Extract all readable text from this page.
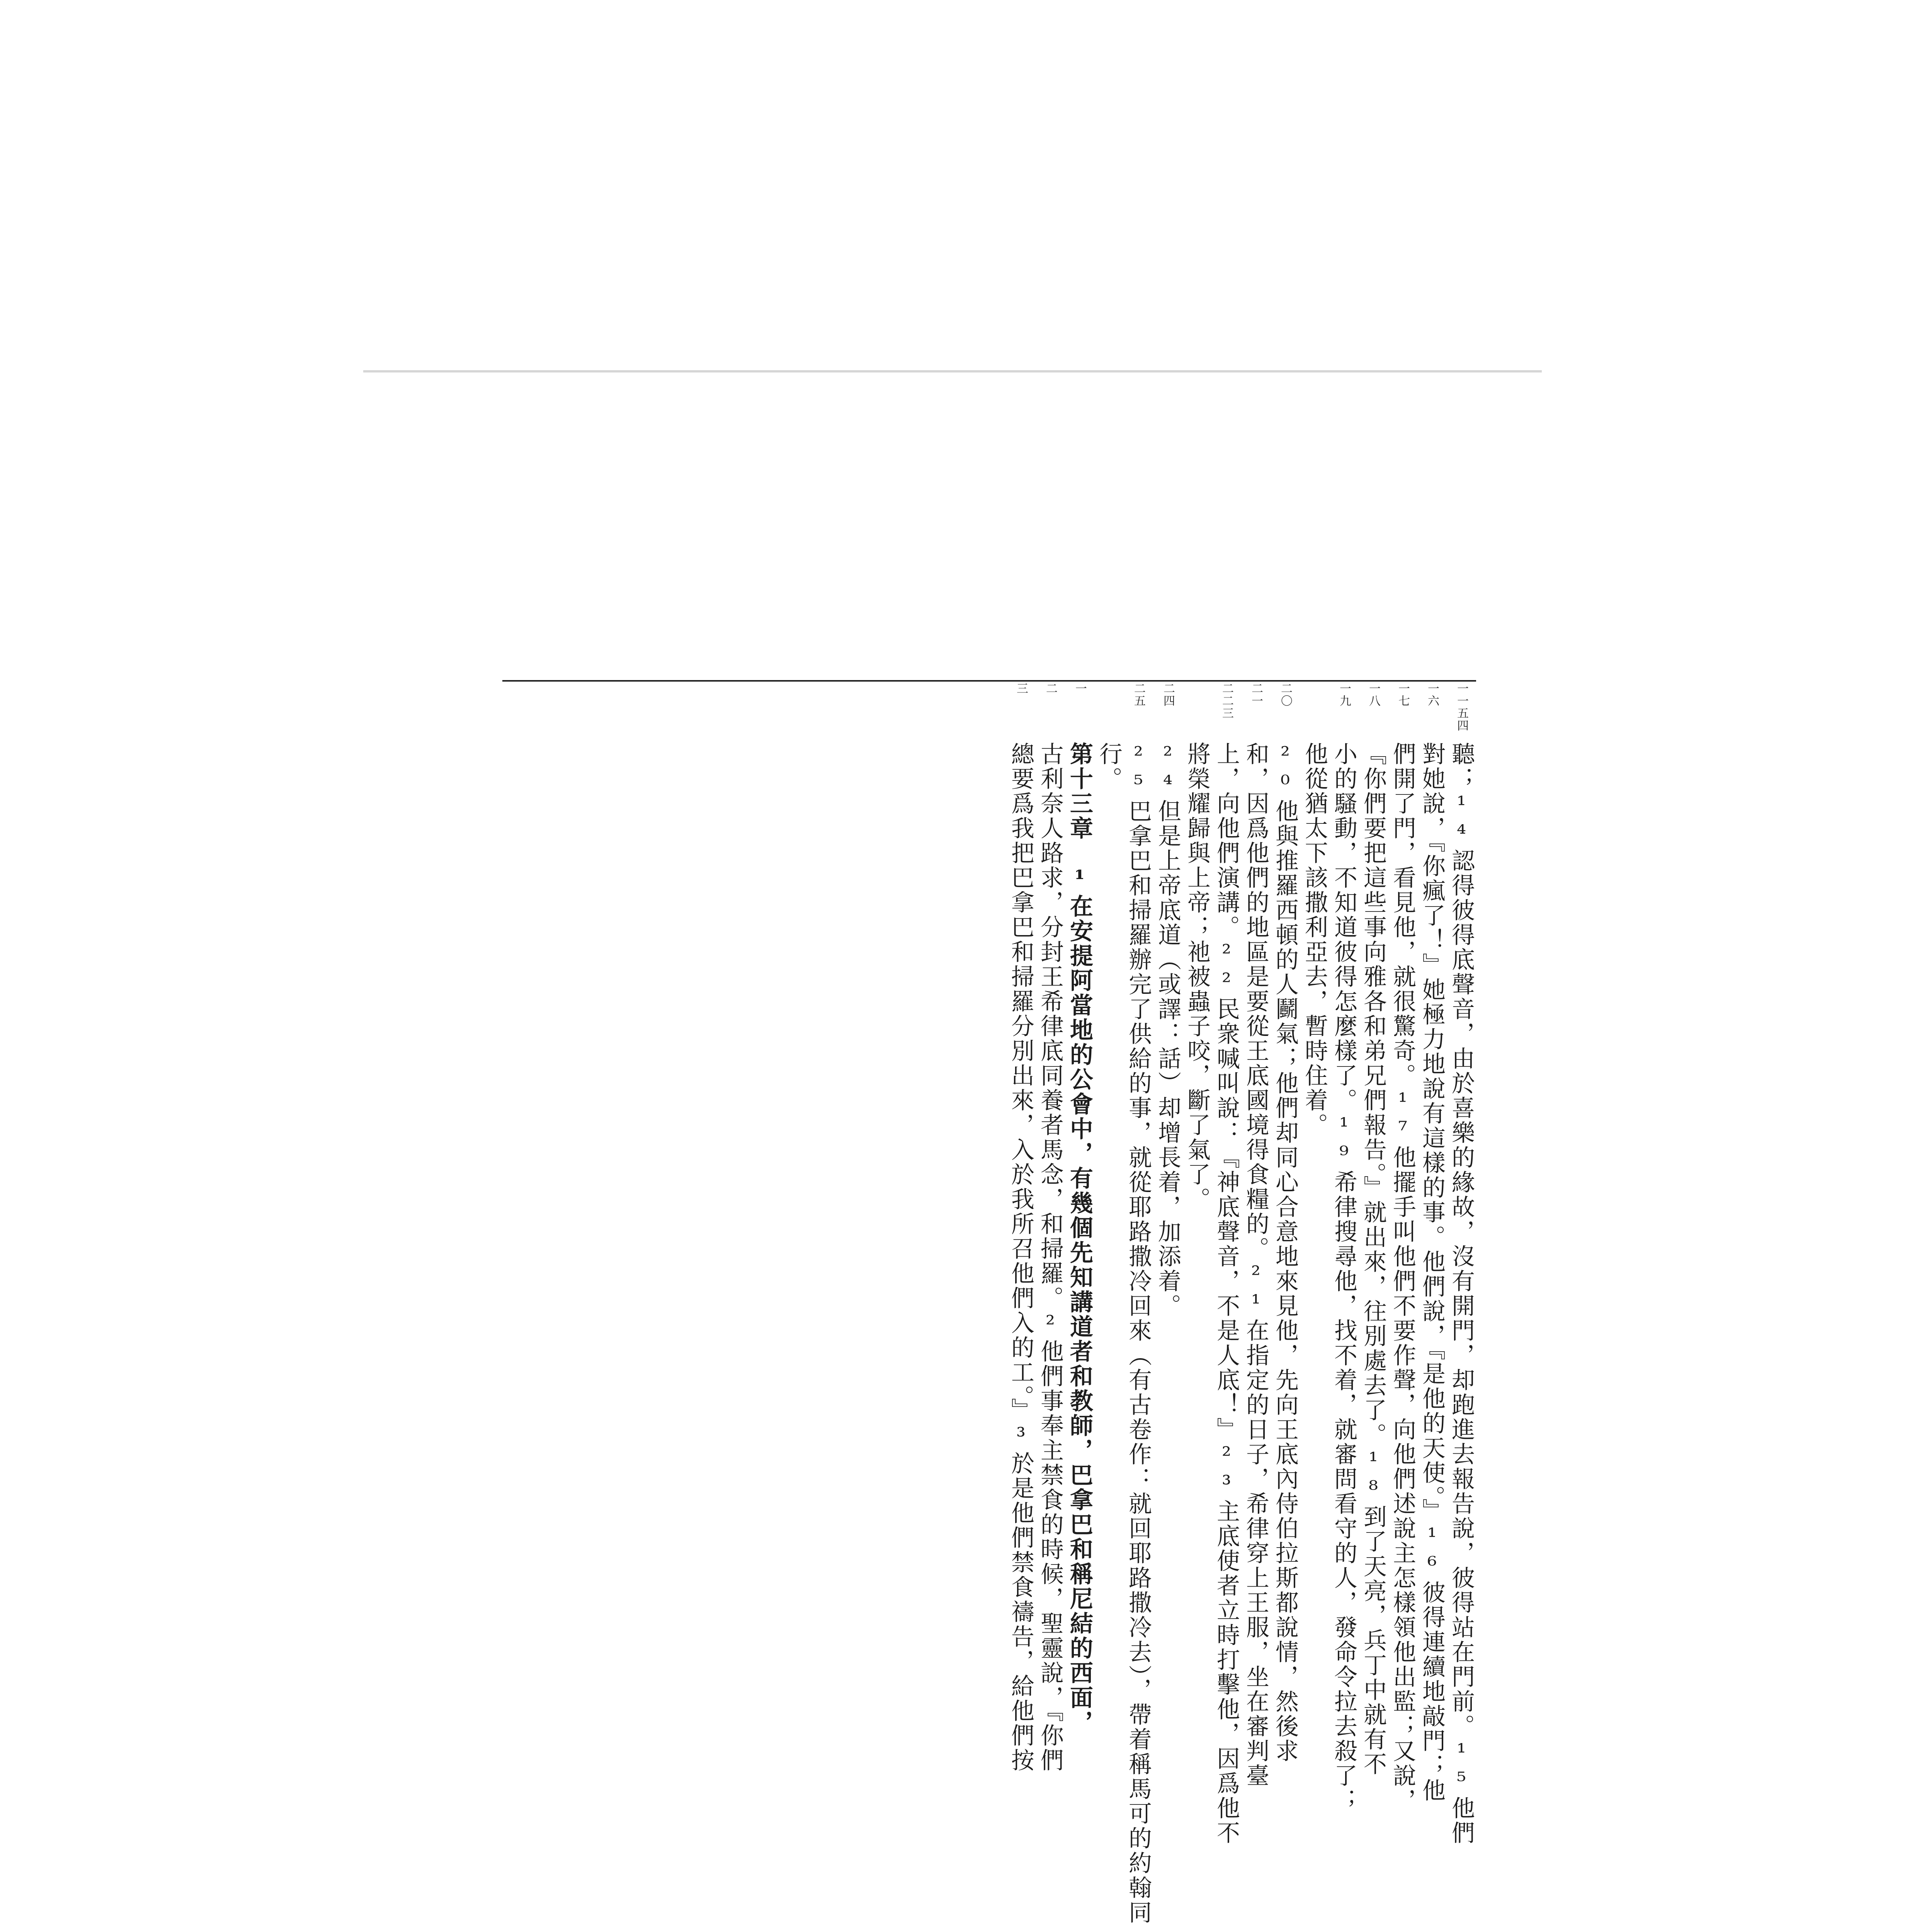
一一五四
一六
一七
一八
一九
二〇
二一
二二三
二四
二五
一
二
三
聽；¹⁴認得彼得底聲音，由於喜樂的緣故，沒有開門，却跑進去報告說，彼得站在門前。¹⁵他們
對她說，『你瘋了！』她極力地說有這樣的事。他們說，『是他的天使。』¹⁶彼得連續地敲門；他
們開了門，看見他，就很驚奇。¹⁷他擺手叫他們不要作聲，向他們述說主怎樣領他出監；又說，
『你們要把這些事向雅各和弟兄們報告。』就出來，往別處去了。¹⁸到了天亮，兵丁中就有不
小的騷動，不知道彼得怎麼樣了。¹⁹希律搜尋他，找不着，就審問看守的人，發命令拉去殺了；
他從猶太下該撒利亞去，暫時住着。
²⁰他與推羅西頓的人鬬氣；他們却同心合意地來見他，先向王底內侍伯拉斯都說情，然後求
和，因爲他們的地區是要從王底國境得食糧的。²¹在指定的日子，希律穿上王服，坐在審判臺
上，向他們演講。²²民衆喊叫說：『神底聲音，不是人底！』²³主底使者立時打擊他，因爲他不
將榮耀歸與上帝；祂被蟲子咬，斷了氣了。
²⁴但是上帝底道（或譯：話）却增長着，加添着。
²⁵巴拿巴和掃羅辦完了供給的事，就從耶路撒冷回來（有古卷作：就回耶路撒冷去），帶着稱馬可的約翰同
行。
第十三章　¹在安提阿當地的公會中，有幾個先知講道者和教師，巴拿巴和稱尼結的西面，
古利奈人路求，分封王希律底同養者馬念，和掃羅。²他們事奉主禁食的時候，聖靈說，『你們
總要爲我把巴拿巴和掃羅分別出來，入於我所召他們入的工。』³於是他們禁食禱告，給他們按
